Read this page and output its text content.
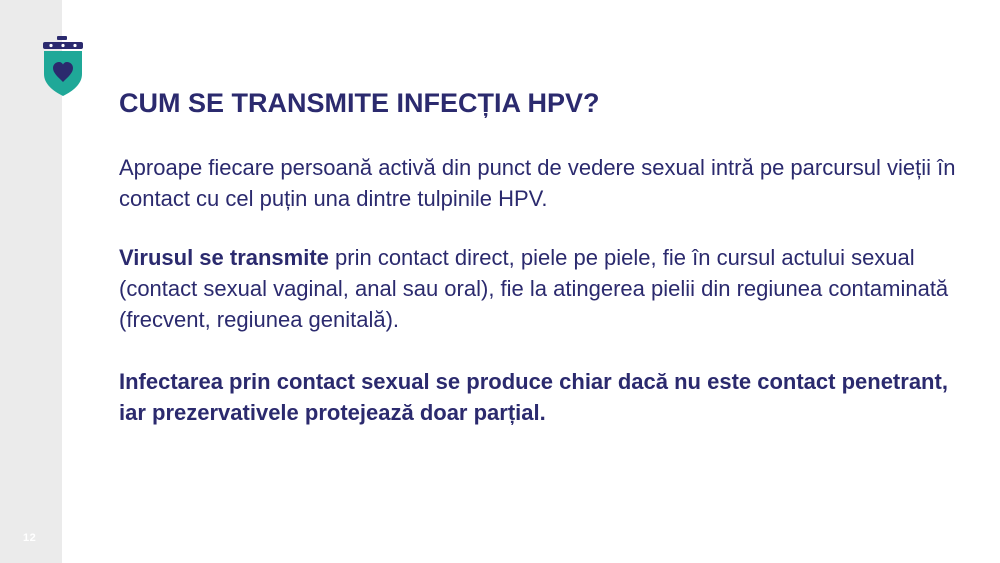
12
CUM SE TRANSMITE INFECȚIA HPV?

Aproape fiecare persoană activă din punct de vedere sexual intră pe parcursul vieții în contact cu cel puțin una dintre tulpinile HPV.

Virusul se transmite prin contact direct, piele pe piele, fie în cursul actului sexual (contact sexual vaginal, anal sau oral), fie la atingerea pielii din regiunea contaminată (frecvent, regiunea genitală).

Infectarea prin contact sexual se produce chiar dacă nu este contact penetrant, iar prezervativele protejează doar parțial.
